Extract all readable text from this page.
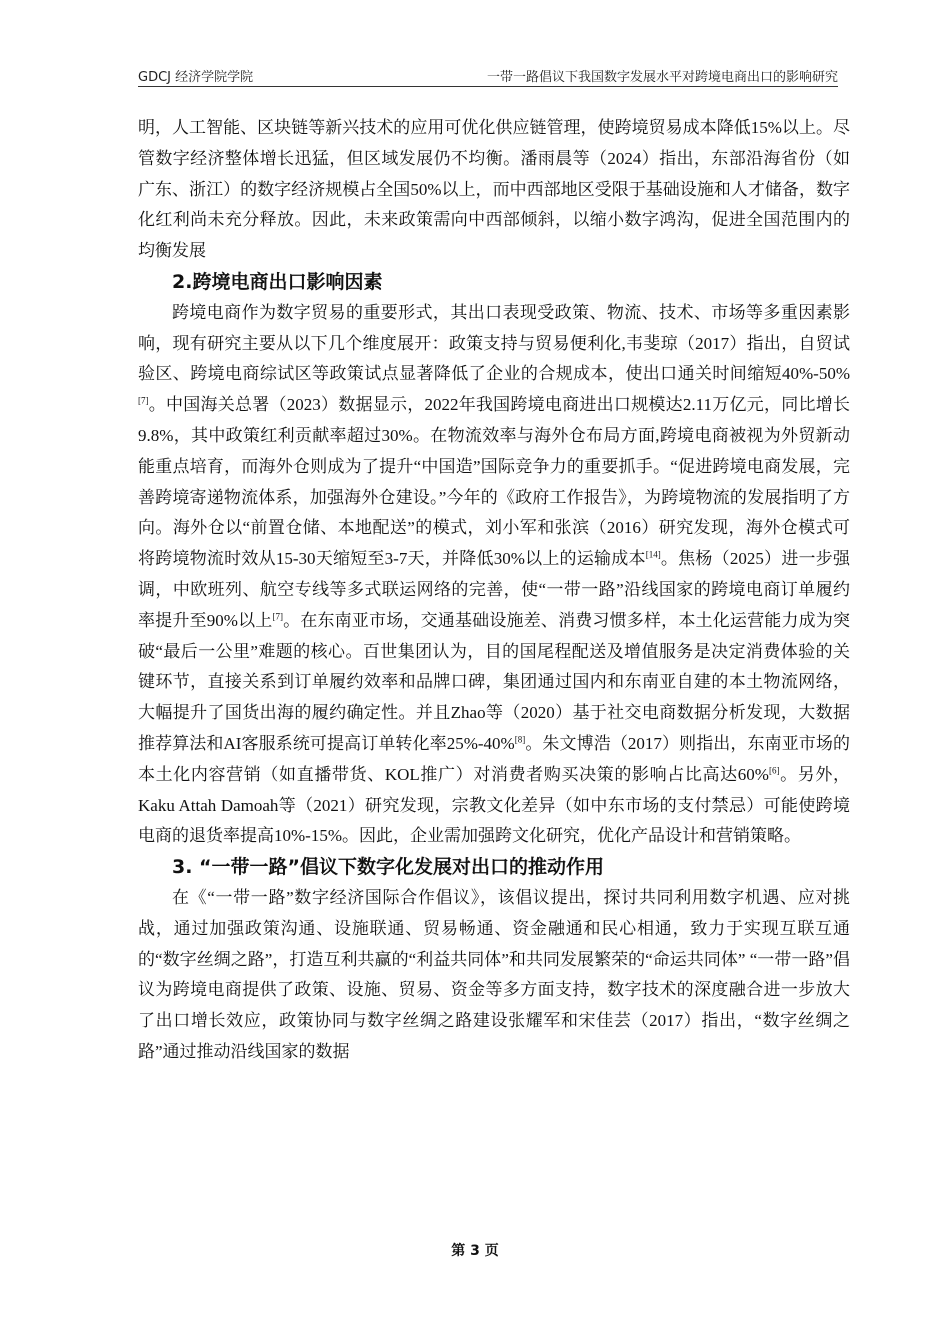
GDCJ 经济学院学院	一带一路倡议下我国数字发展水平对跨境电商出口的影响研究

明，人工智能、区块链等新兴技术的应用可优化供应链管理，使跨境贸易成本降低15%以上。尽管数字经济整体增长迅猛，但区域发展仍不均衡。潘雨晨等（2024）指出，东部沿海省份（如广东、浙江）的数字经济规模占全国50%以上，而中西部地区受限于基础设施和人才储备，数字化红利尚未充分释放。因此，未来政策需向中西部倾斜，以缩小数字鸿沟，促进全国范围内的均衡发展

2.跨境电商出口影响因素

跨境电商作为数字贸易的重要形式，其出口表现受政策、物流、技术、市场等多重因素影响，现有研究主要从以下几个维度展开：政策支持与贸易便利化,韦斐琼（2017）指出，自贸试验区、跨境电商综试区等政策试点显著降低了企业的合规成本，使出口通关时间缩短40%-50%[7]。中国海关总署（2023）数据显示，2022年我国跨境电商进出口规模达2.11万亿元，同比增长9.8%，其中政策红利贡献率超过30%。在物流效率与海外仓布局方面,跨境电商被视为外贸新动能重点培育，而海外仓则成为了提升“中国造”国际竞争力的重要抓手。“促进跨境电商发展，完善跨境寄递物流体系，加强海外仓建设。”今年的《政府工作报告》，为跨境物流的发展指明了方向。海外仓以“前置仓储、本地配送”的模式，刘小军和张滨（2016）研究发现，海外仓模式可将跨境物流时效从15-30天缩短至3-7天，并降低30%以上的运输成本[14]。焦杨（2025）进一步强调，中欧班列、航空专线等多式联运网络的完善，使“一带一路”沿线国家的跨境电商订单履约率提升至90%以上[7]。在东南亚市场，交通基础设施差、消费习惯多样，本土化运营能力成为突破“最后一公里”难题的核心。百世集团认为，目的国尾程配送及增值服务是决定消费体验的关键环节，直接关系到订单履约效率和品牌口碑，集团通过国内和东南亚自建的本土物流网络，大幅提升了国货出海的履约确定性。并且Zhao等（2020）基于社交电商数据分析发现，大数据推荐算法和AI客服系统可提高订单转化率25%-40%[8]。朱文博浩（2017）则指出，东南亚市场的本土化内容营销（如直播带货、KOL推广）对消费者购买决策的影响占比高达60%[6]。另外，Kaku Attah Damoah等（2021）研究发现，宗教文化差异（如中东市场的支付禁忌）可能使跨境电商的退货率提高10%-15%。因此，企业需加强跨文化研究，优化产品设计和营销策略。

3. “一带一路”倡议下数字化发展对出口的推动作用

在《“一带一路”数字经济国际合作倡议》，该倡议提出，探讨共同利用数字机遇、应对挑战，通过加强政策沟通、设施联通、贸易畅通、资金融通和民心相通，致力于实现互联互通的“数字丝绸之路”，打造互利共赢的“利益共同体”和共同发展繁荣的“命运共同体” “一带一路”倡议为跨境电商提供了政策、设施、贸易、资金等多方面支持，数字技术的深度融合进一步放大了出口增长效应，政策协同与数字丝绸之路建设张耀军和宋佳芸（2017）指出，“数字丝绸之路”通过推动沿线国家的数据

第 3 页
